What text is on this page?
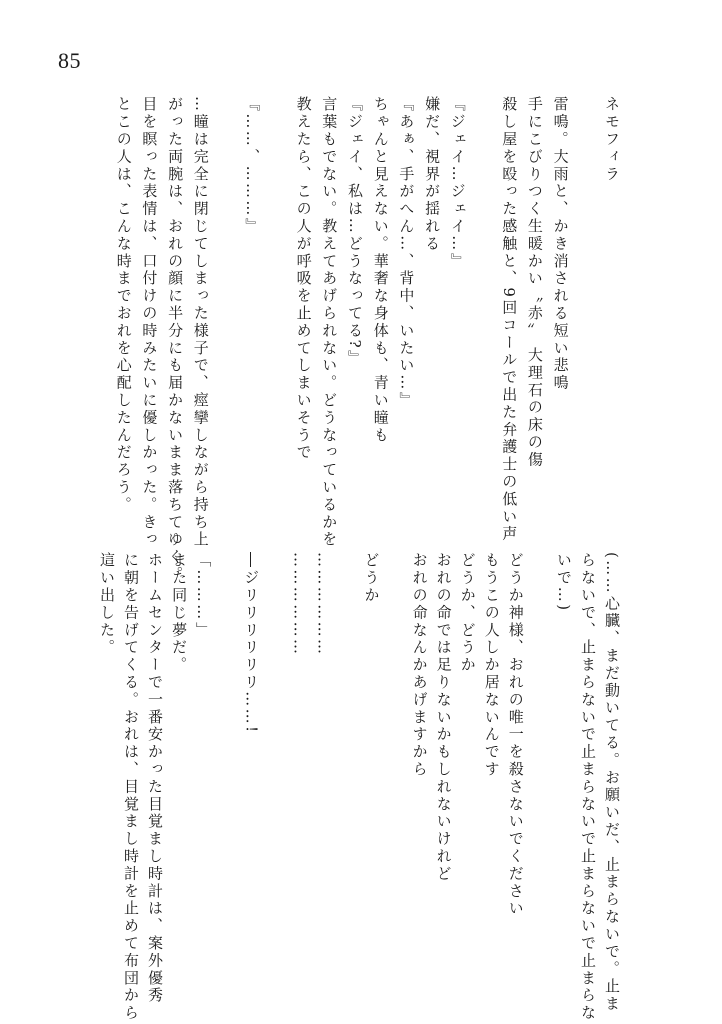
85
ネモフィラ
雷鳴。大雨と、かき消される短い悲鳴
手にこびりつく生暖かい〝赤〟 大理石の床の傷
殺し屋を殴った感触と、9回コールで出た弁護士の低い声
『ジェイ…ジェイ…』
嫌だ、視界が揺れる
『あぁ、手がへん…、背中、いたい…』
ちゃんと見えない。華奢な身体も、青い瞳も
『ジェイ、私は…どうなってる?』
言葉もでない。教えてあげられない。どうなっているかを
教えたら、この人が呼吸を止めてしまいそうで
『……、………』
…瞳は完全に閉じてしまった様子で、痙攣しながら持ち上
がった両腕は、おれの顔に半分にも届かないまま落ちてゆく。
目を瞑った表情は、口付けの時みたいに優しかった。きっ
とこの人は、こんな時までおれを心配したんだろう。
(……心臓、まだ動いてる。お願いだ、止まらないで。止ま
らないで、止まらないで止まらないで止まらないで止まらな
いで…)
どうか神様、おれの唯一を殺さないでください
もうこの人しか居ないんです
どうか、どうか
おれの命では足りないかもしれないけれど
おれの命なんかあげますから
どうか
………………
………………
―ジリリリリリリ……!
「………」
また同じ夢だ。
ホームセンターで一番安かった目覚まし時計は、案外優秀
に朝を告げてくる。おれは、目覚まし時計を止めて布団から
這い出した。
